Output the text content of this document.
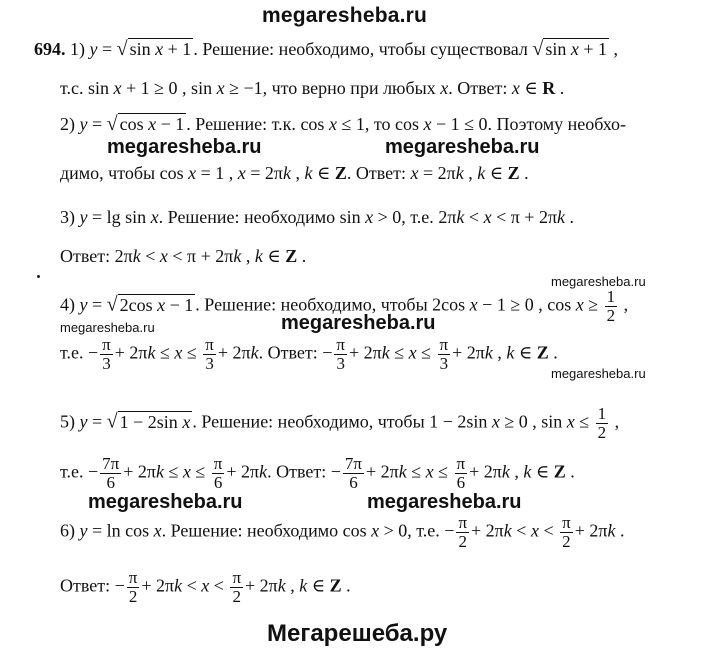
megaresheba.ru
megaresheba.ru	megaresheba.ru
megaresheba.ru
megaresheba.ru
megaresheba.ru
megaresheba.ru
megaresheba.ru	megaresheba.ru
Мегарешеба.ру
694. 1) y = √ sin x + 1 . Решение: необходимо, чтобы существовал √ sin x + 1 ,
т.с. sin x + 1 ≥ 0 , sin x ≥ −1, что верно при любых x. Ответ: x ∈ R .
2) y = √ cos x − 1 . Решение: т.к. cos x ≤ 1, то cos x − 1 ≤ 0. Поэтому необхо-
димо, чтобы cos x = 1 , x = 2πk , k ∈ Z. Ответ: x = 2πk , k ∈ Z .
3) y = lg sin x. Решение: необходимо sin x > 0, т.е. 2πk < x < π + 2πk .
Ответ: 2πk < x < π + 2πk , k ∈ Z .
4) y = √ 2cos x − 1 . Решение: необходимо, чтобы 2cos x − 1 ≥ 0 , $\cos x \ge \frac{1}{2}$ ,
т.е. − $\frac{\pi}{3} + 2\pi k \le x \le \frac{\pi}{3} + 2\pi k$. Ответ: − $\frac{\pi}{3} + 2\pi k \le x \le \frac{\pi}{3} + 2\pi k$ , k ∈ Z .
5) y = √ 1 − 2sin x . Решение: необходимо, чтобы 1 − 2sin x ≥ 0 , $\sin x \le \frac{1}{2}$ ,
т.е. − $\frac{7\pi}{6} + 2\pi k \le x \le \frac{\pi}{6} + 2\pi k$. Ответ: − $\frac{7\pi}{6} + 2\pi k \le x \le \frac{\pi}{6} + 2\pi k$ , k ∈ Z .
6) y = ln cos x. Решение: необходимо cos x > 0, т.е. − $\frac{\pi}{2} + 2\pi k < x < \frac{\pi}{2} + 2\pi k$ .
Ответ: − $\frac{\pi}{2} + 2\pi k < x < \frac{\pi}{2} + 2\pi k$ , k ∈ Z .
